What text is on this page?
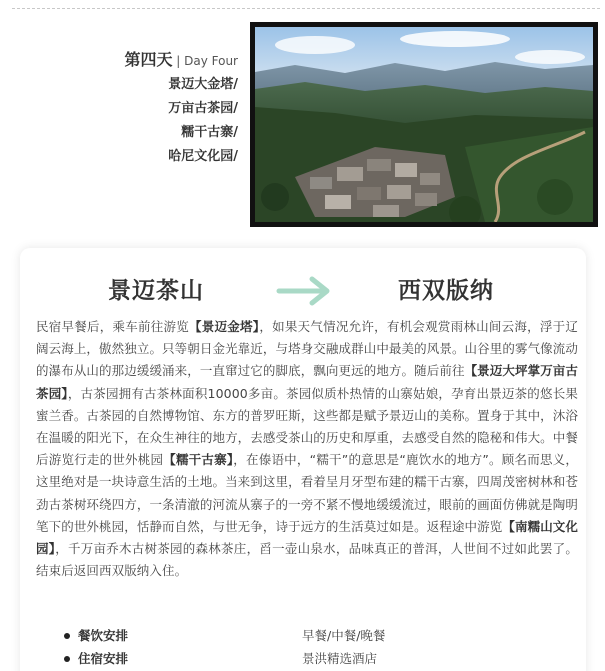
第四天 | Day Four
景迈大金塔/
万亩古茶园/
糯干古寨/
哈尼文化园/
景迈茶山	西双版纳

民宿早餐后，乘车前往游览【景迈金塔】，如果天气情况允许，有机会观赏雨林山间云海，浮于辽阔云海上，傲然独立。只等朝日金光靠近，与塔身交融成群山中最美的风景。山谷里的雾气像流动的瀑布从山的那边缓缓涌来，一直窜过它的脚底，飘向更远的地方。随后前往【景迈大坪掌万亩古茶园】，古茶园拥有古茶林面积10000多亩。茶园似质朴热情的山寨姑娘，孕育出景迈茶的悠长果蜜兰香。古茶园的自然博物馆、东方的普罗旺斯，这些都是赋予景迈山的美称。置身于其中，沐浴在温暖的阳光下，在众生神往的地方，去感受茶山的历史和厚重，去感受自然的隐秘和伟大。中餐后游览行走的世外桃园【糯干古寨】，在傣语中，“糯干”的意思是“鹿饮水的地方”。顾名而思义，这里绝对是一块诗意生活的土地。当来到这里，看着呈月牙型布建的糯干古寨，四周茂密树林和苍劲古茶树环绕四方，一条清澈的河流从寨子的一旁不紧不慢地缓缓流过，眼前的画面仿佛就是陶明笔下的世外桃园，恬静而自然，与世无争，诗于远方的生活莫过如是。返程途中游览【南糯山文化园】，千万亩乔木古树茶园的森林茶庄，舀一壶山泉水，品味真正的普洱，人世间不过如此罢了。结束后返回西双版纳入住。

餐饮安排	早餐/中餐/晚餐
住宿安排	景洪精选酒店
